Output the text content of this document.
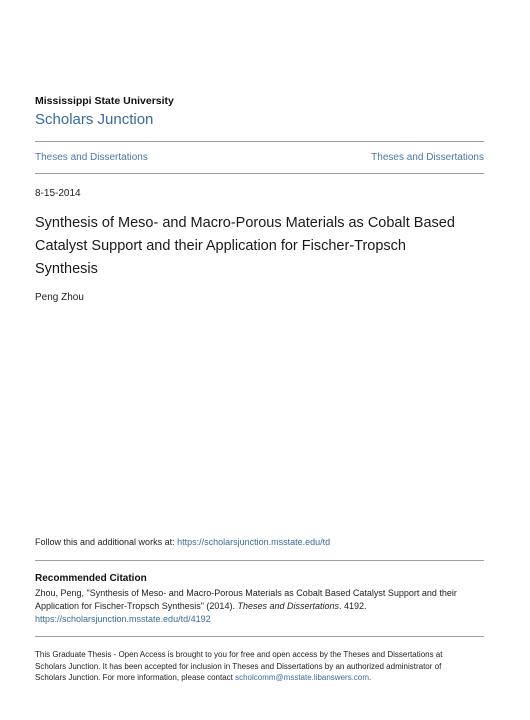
Mississippi State University
Scholars Junction
Theses and Dissertations	Theses and Dissertations
8-15-2014
Synthesis of Meso- and Macro-Porous Materials as Cobalt Based
Catalyst Support and their Application for Fischer-Tropsch
Synthesis
Peng Zhou
Follow this and additional works at: https://scholarsjunction.msstate.edu/td
Recommended Citation
Zhou, Peng, "Synthesis of Meso- and Macro-Porous Materials as Cobalt Based Catalyst Support and their
Application for Fischer-Tropsch Synthesis" (2014). Theses and Dissertations. 4192.
https://scholarsjunction.msstate.edu/td/4192
This Graduate Thesis - Open Access is brought to you for free and open access by the Theses and Dissertations at
Scholars Junction. It has been accepted for inclusion in Theses and Dissertations by an authorized administrator of
Scholars Junction. For more information, please contact scholcomm@msstate.libanswers.com.
